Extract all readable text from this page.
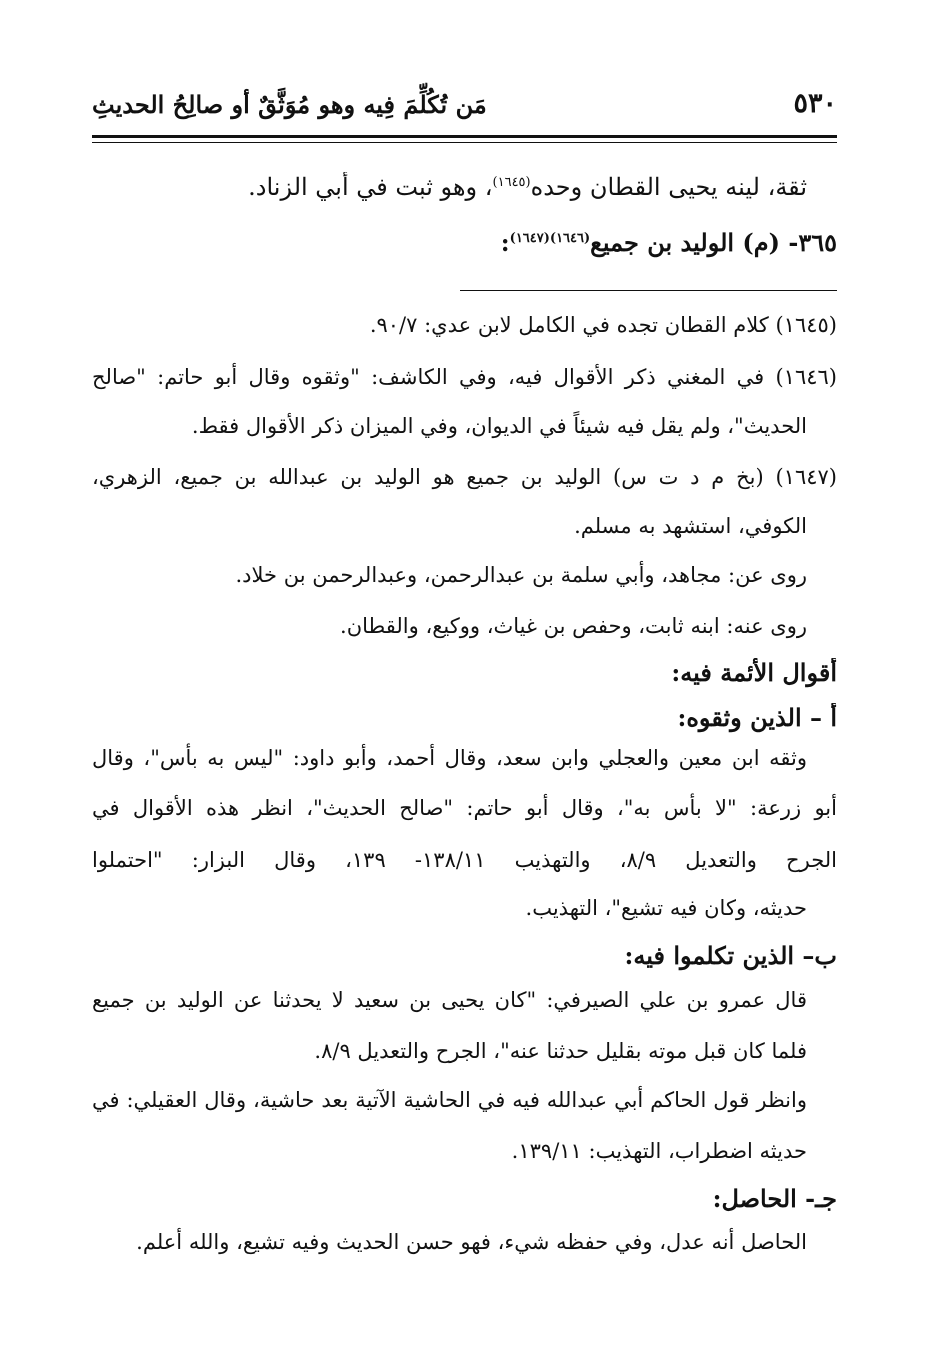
٥٣٠
مَن تُكُلِّمَ فِيه وهو مُوَثَّقٌ أو صالِحُ الحديثِ
ثقة، لينه يحيى القطان وحده$^{(١٦٤٥)}$، وهو ثبت في أبي الزناد.
٣٦٥- (م) الوليد بن جميع$^{(١٦٤٦)(١٦٤٧)}$:
(١٦٤٥) كلام القطان تجده في الكامل لابن عدي: ٩٠/٧.
(١٦٤٦) في المغني ذكر الأقوال فيه، وفي الكاشف: "وثقوه وقال أبو حاتم: "صالح
الحديث"، ولم يقل فيه شيئاً في الديوان، وفي الميزان ذكر الأقوال فقط.
(١٦٤٧) (بخ م د ت س) الوليد بن جميع هو الوليد بن عبدالله بن جميع، الزهري،
الكوفي، استشهد به مسلم.
روى عن: مجاهد، وأبي سلمة بن عبدالرحمن، وعبدالرحمن بن خلاد.
روى عنه: ابنه ثابت، وحفص بن غياث، ووكيع، والقطان.
أقوال الأئمة فيه:
أ – الذين وثقوه:
وثقه ابن معين والعجلي وابن سعد، وقال أحمد، وأبو داود: "ليس به بأس"، وقال
أبو زرعة: "لا بأس به"، وقال أبو حاتم: "صالح الحديث"، انظر هذه الأقوال في
الجرح والتعديل ٨/٩، والتهذيب ١٣٨/١١- ١٣٩، وقال البزار: "احتملوا
حديثه، وكان فيه تشيع"، التهذيب.
ب– الذين تكلموا فيه:
قال عمرو بن علي الصيرفي: "كان يحيى بن سعيد لا يحدثنا عن الوليد بن جميع
فلما كان قبل موته بقليل حدثنا عنه"، الجرح والتعديل ٨/٩.
وانظر قول الحاكم أبي عبدالله فيه في الحاشية الآتية بعد حاشية، وقال العقيلي: في
حديثه اضطراب، التهذيب: ١٣٩/١١.
جـ- الحاصل:
الحاصل أنه عدل، وفي حفظه شيء، فهو حسن الحديث وفيه تشيع، والله أعلم.
